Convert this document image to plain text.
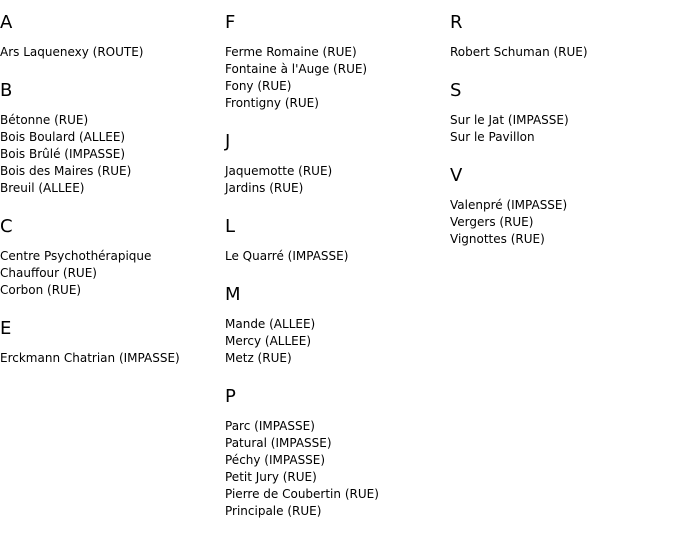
A
Ars Laquenexy (ROUTE)
B
Bétonne (RUE)
Bois Boulard (ALLEE)
Bois Brûlé (IMPASSE)
Bois des Maires (RUE)
Breuil (ALLEE)
C
Centre Psychothérapique
Chauffour (RUE)
Corbon (RUE)
E
Erckmann Chatrian (IMPASSE)
F
Ferme Romaine (RUE)
Fontaine à l'Auge (RUE)
Fony (RUE)
Frontigny (RUE)
J
Jaquemotte (RUE)
Jardins (RUE)
L
Le Quarré (IMPASSE)
M
Mande (ALLEE)
Mercy (ALLEE)
Metz (RUE)
P
Parc (IMPASSE)
Patural (IMPASSE)
Péchy (IMPASSE)
Petit Jury (RUE)
Pierre de Coubertin (RUE)
Principale (RUE)
R
Robert Schuman (RUE)
S
Sur le Jat (IMPASSE)
Sur le Pavillon
V
Valenpré (IMPASSE)
Vergers (RUE)
Vignottes (RUE)
